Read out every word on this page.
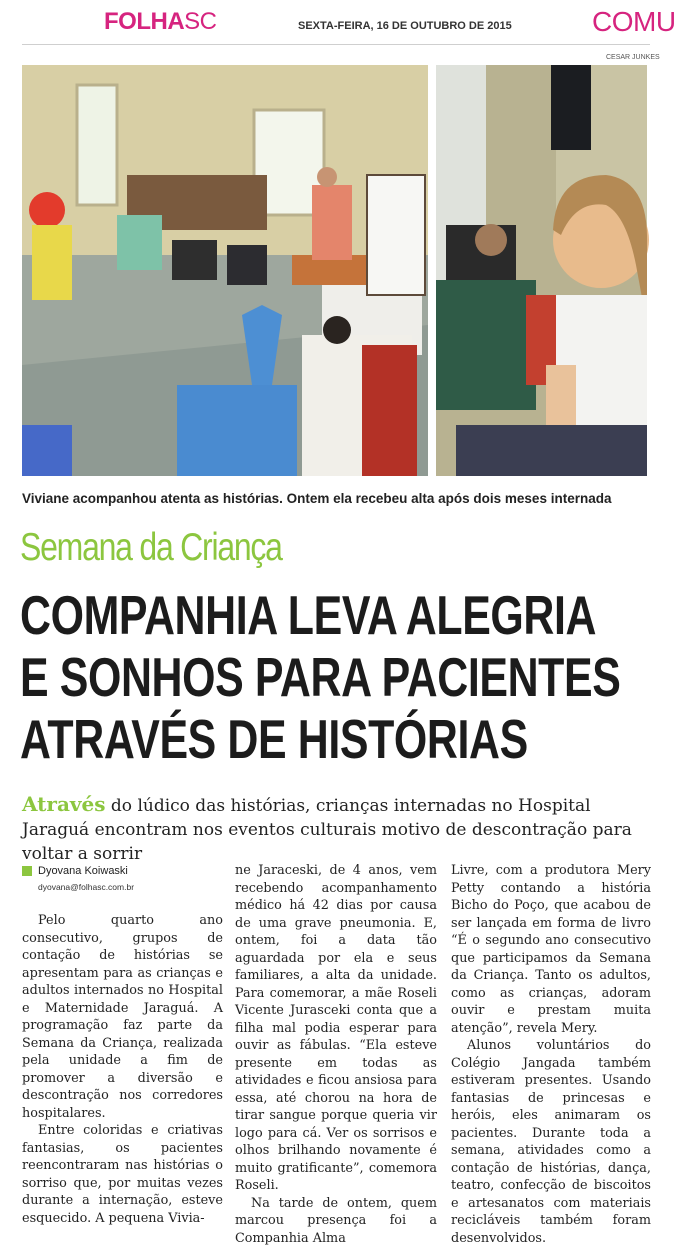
FOLHASC	SEXTA-FEIRA, 16 DE OUTUBRO DE 2015	COMU
CESAR JUNKES
Viviane acompanhou atenta as histórias. Ontem ela recebeu alta após dois meses internada
Semana da Criança
COMPANHIA LEVA ALEGRIA
E SONHOS PARA PACIENTES
ATRAVÉS DE HISTÓRIAS
Através do lúdico das histórias, crianças internadas no Hospital Jaraguá encontram nos eventos culturais motivo de descontração para voltar a sorrir
Dyovana Koiwaski
dyovana@folhasc.com.br

Pelo quarto ano consecutivo, grupos de contação de histórias se apresentam para as crianças e adultos internados no Hospital e Maternidade Jaraguá. A programação faz parte da Semana da Criança, realizada pela unidade a fim de promover a diversão e descontração nos corredores hospitalares.

Entre coloridas e criativas fantasias, os pacientes reencontraram nas histórias o sorriso que, por muitas vezes durante a internação, esteve esquecido. A pequena Vivia-

ne Jaraceski, de 4 anos, vem recebendo acompanhamento médico há 42 dias por causa de uma grave pneumonia. E, ontem, foi a data tão aguardada por ela e seus familiares, a alta da unidade. Para comemorar, a mãe Roseli Vicente Jurasceki conta que a filha mal podia esperar para ouvir as fábulas. “Ela esteve presente em todas as atividades e ficou ansiosa para essa, até chorou na hora de tirar sangue porque queria vir logo para cá. Ver os sorrisos e olhos brilhando novamente é muito gratificante”, comemora Roseli.

Na tarde de ontem, quem marcou presença foi a Companhia Alma

Livre, com a produtora Mery Petty contando a história Bicho do Poço, que acabou de ser lançada em forma de livro “É o segundo ano consecutivo que participamos da Semana da Criança. Tanto os adultos, como as crianças, adoram ouvir e prestam muita atenção”, revela Mery.

Alunos voluntários do Colégio Jangada também estiveram presentes. Usando fantasias de princesas e heróis, eles animaram os pacientes. Durante toda a semana, atividades como a contação de histórias, dança, teatro, confecção de biscoitos e artesanatos com materiais recicláveis também foram desenvolvidos.
